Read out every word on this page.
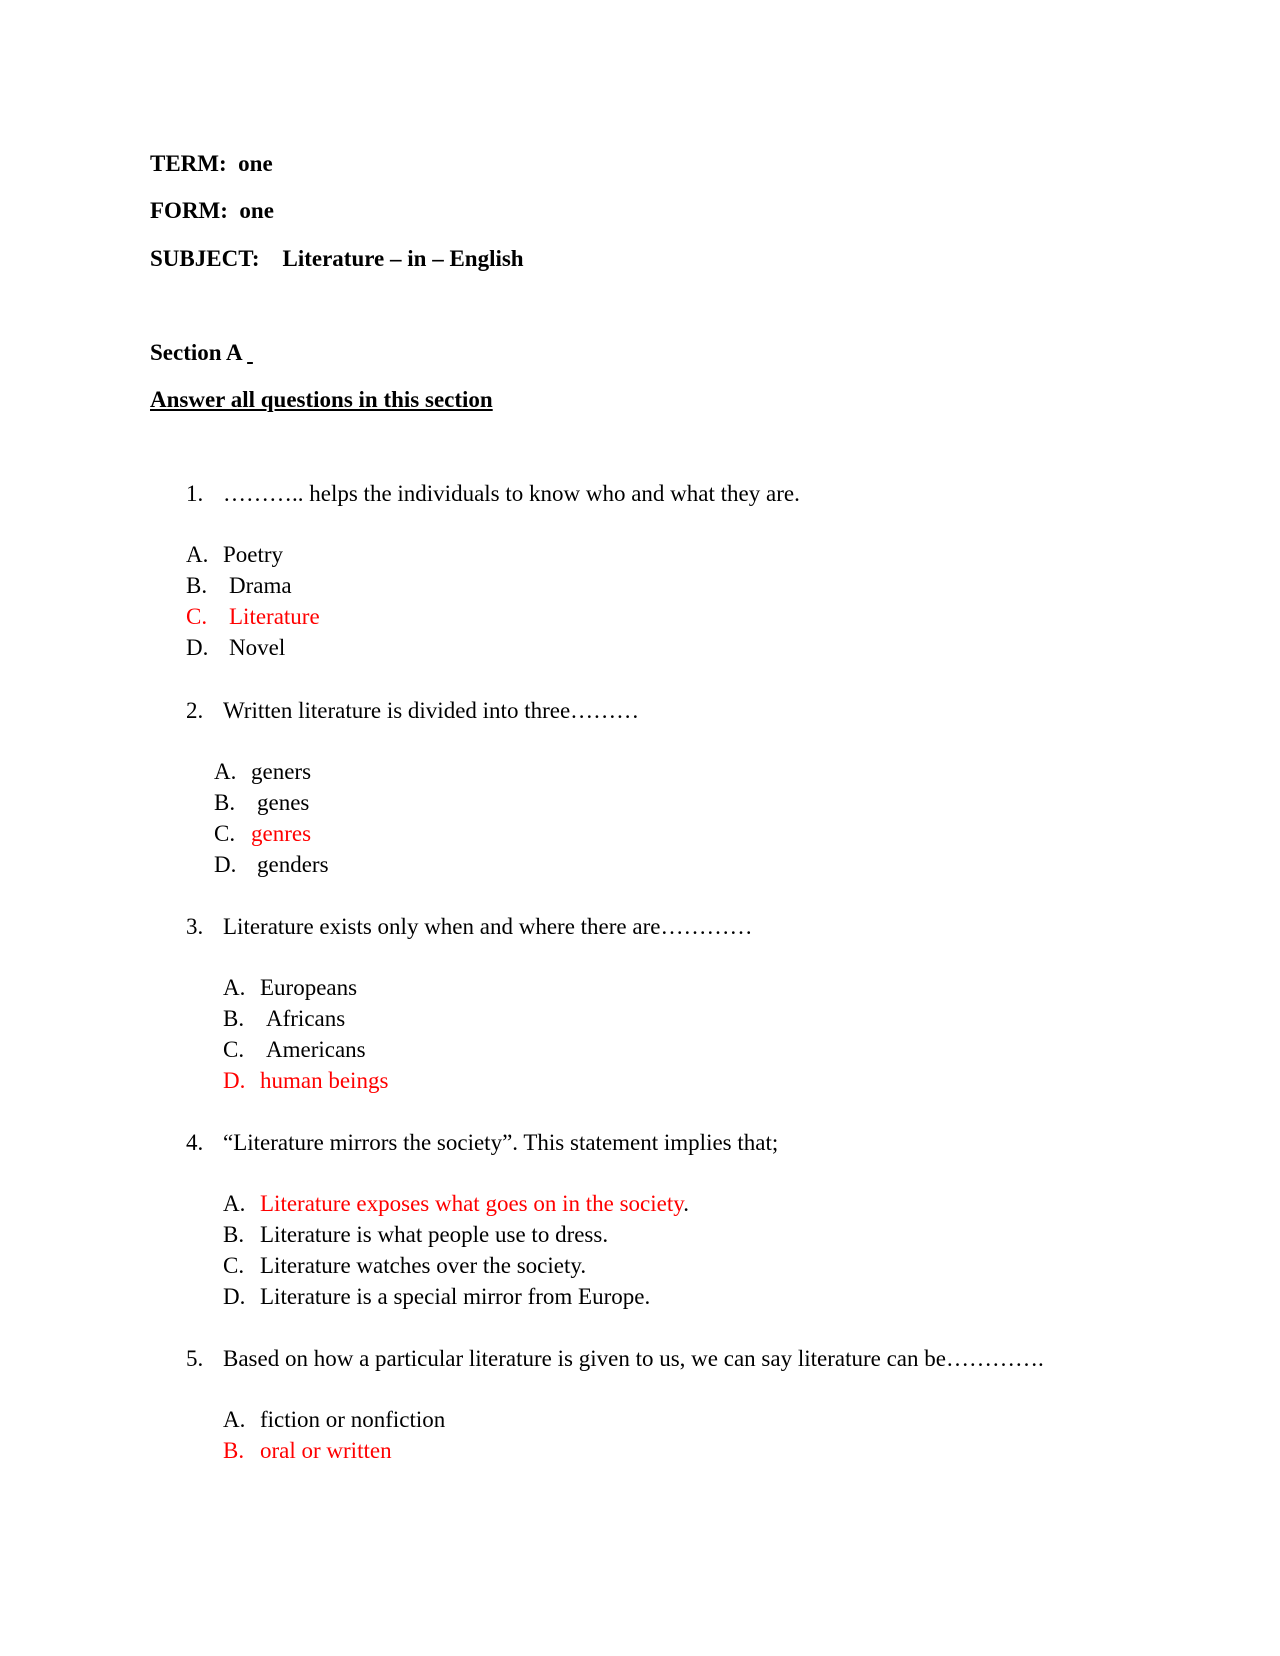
TERM: one
FORM: one
SUBJECT: Literature – in – English
Section A
Answer all questions in this section

1.

……….. helps the individuals to know who and what they are.

A.

Poetry

B.

Drama

C.

Literature

D.

Novel

2.

Written literature is divided into three………

A.

geners

B.

genes

C.

genres

D.

genders

3.

Literature exists only when and where there are…………

A.

Europeans

B.

Africans

C.

Americans

D.

human beings

4.

“Literature mirrors the society”. This statement implies that;

A.

Literature exposes what goes on in the society.

B.

Literature is what people use to dress.

C.

Literature watches over the society.

D.

Literature is a special mirror from Europe.

5.

Based on how a particular literature is given to us, we can say literature can be………….

A.

fiction or nonfiction

B.

oral or written
